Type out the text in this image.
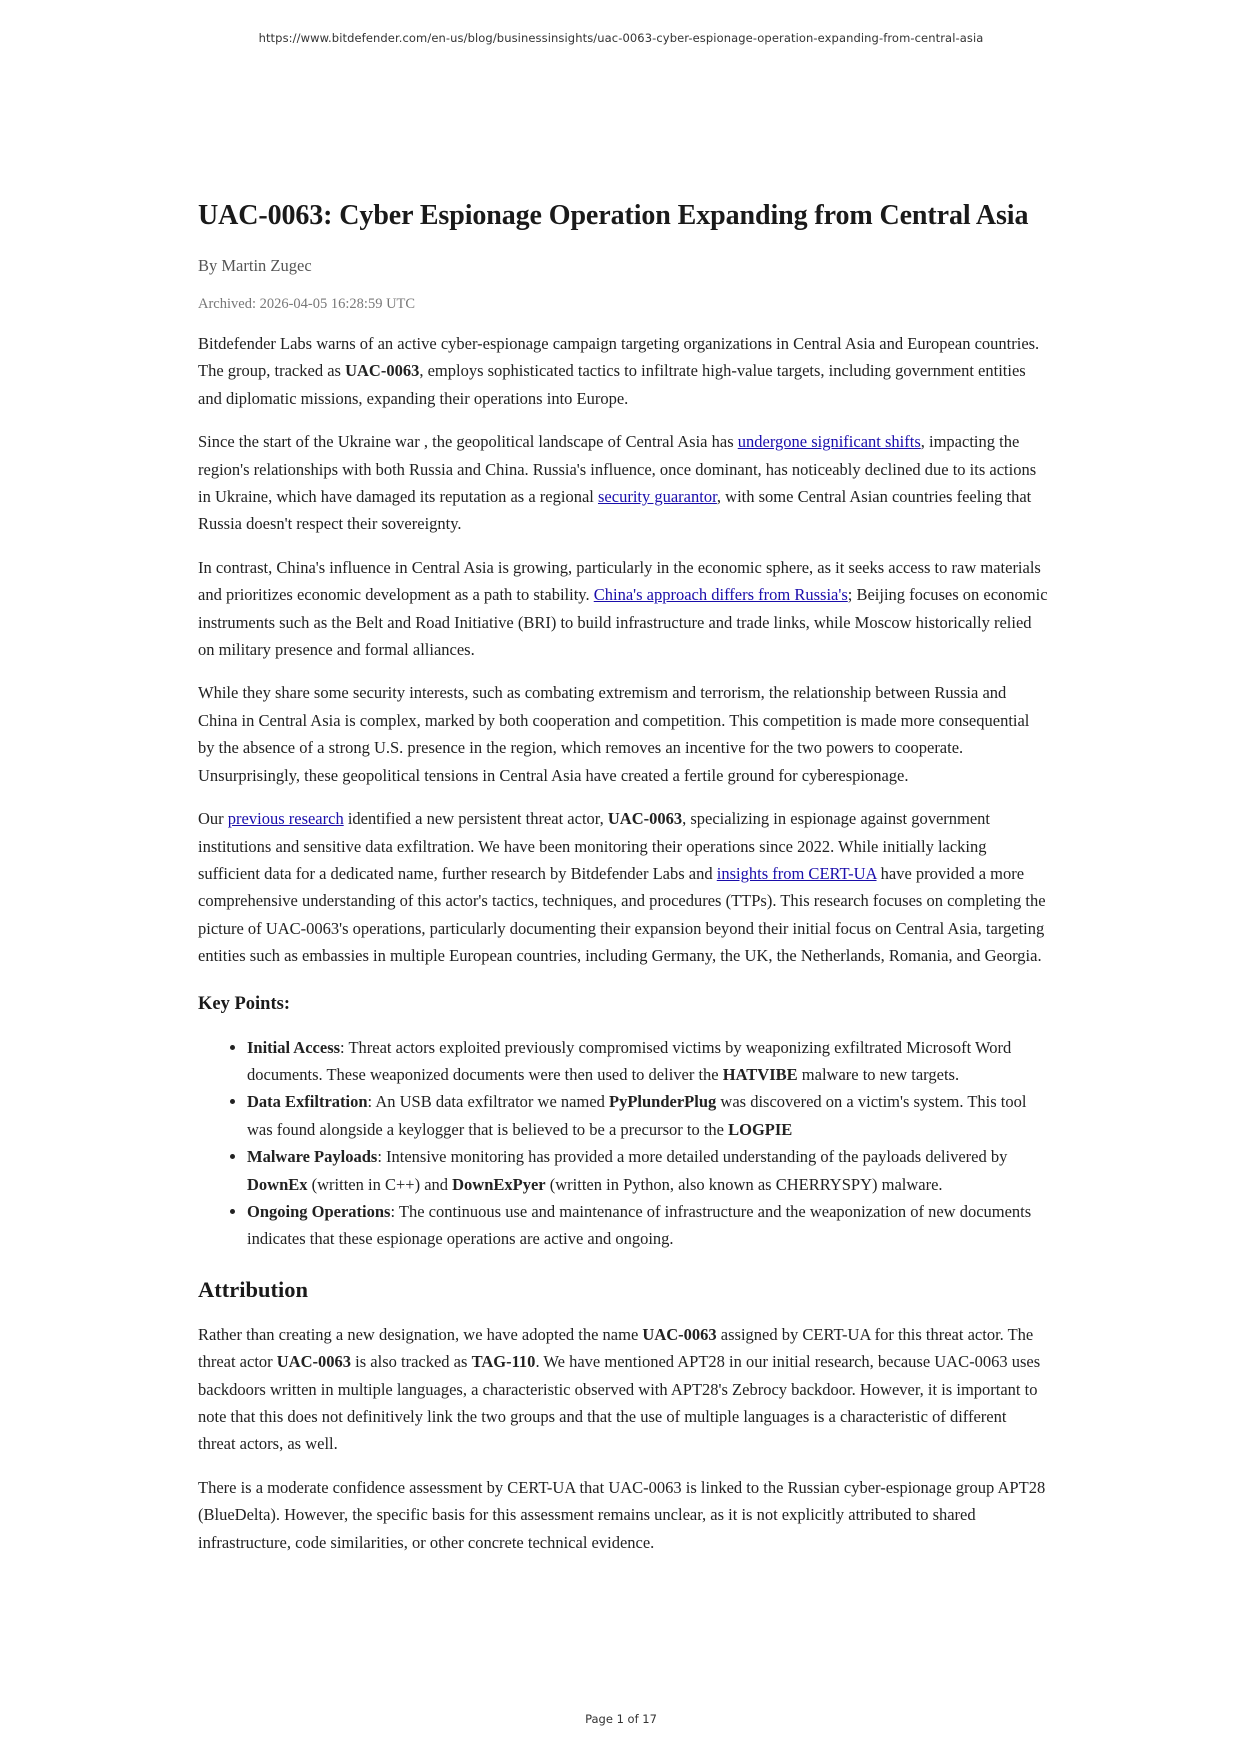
https://www.bitdefender.com/en-us/blog/businessinsights/uac-0063-cyber-espionage-operation-expanding-from-central-asia
UAC-0063: Cyber Espionage Operation Expanding from Central Asia
By Martin Zugec
Archived: 2026-04-05 16:28:59 UTC

Bitdefender Labs warns of an active cyber-espionage campaign targeting organizations in Central Asia and European countries. The group, tracked as UAC-0063, employs sophisticated tactics to infiltrate high-value targets, including government entities and diplomatic missions, expanding their operations into Europe.

Since the start of the Ukraine war , the geopolitical landscape of Central Asia has undergone significant shifts, impacting the region's relationships with both Russia and China. Russia's influence, once dominant, has noticeably declined due to its actions in Ukraine, which have damaged its reputation as a regional security guarantor, with some Central Asian countries feeling that Russia doesn't respect their sovereignty.

In contrast, China's influence in Central Asia is growing, particularly in the economic sphere, as it seeks access to raw materials and prioritizes economic development as a path to stability. China's approach differs from Russia's; Beijing focuses on economic instruments such as the Belt and Road Initiative (BRI) to build infrastructure and trade links, while Moscow historically relied on military presence and formal alliances.

While they share some security interests, such as combating extremism and terrorism, the relationship between Russia and China in Central Asia is complex, marked by both cooperation and competition. This competition is made more consequential by the absence of a strong U.S. presence in the region, which removes an incentive for the two powers to cooperate. Unsurprisingly, these geopolitical tensions in Central Asia have created a fertile ground for cyberespionage.

Our previous research identified a new persistent threat actor, UAC-0063, specializing in espionage against government institutions and sensitive data exfiltration. We have been monitoring their operations since 2022. While initially lacking sufficient data for a dedicated name, further research by Bitdefender Labs and insights from CERT-UA have provided a more comprehensive understanding of this actor's tactics, techniques, and procedures (TTPs). This research focuses on completing the picture of UAC-0063's operations, particularly documenting their expansion beyond their initial focus on Central Asia, targeting entities such as embassies in multiple European countries, including Germany, the UK, the Netherlands, Romania, and Georgia.

Key Points:
• Initial Access: Threat actors exploited previously compromised victims by weaponizing exfiltrated Microsoft Word documents. These weaponized documents were then used to deliver the HATVIBE malware to new targets.
• Data Exfiltration: An USB data exfiltrator we named PyPlunderPlug was discovered on a victim's system. This tool was found alongside a keylogger that is believed to be a precursor to the LOGPIE
• Malware Payloads: Intensive monitoring has provided a more detailed understanding of the payloads delivered by DownEx (written in C++) and DownExPyer (written in Python, also known as CHERRYSPY) malware.
• Ongoing Operations: The continuous use and maintenance of infrastructure and the weaponization of new documents indicates that these espionage operations are active and ongoing.
Attribution

Rather than creating a new designation, we have adopted the name UAC-0063 assigned by CERT-UA for this threat actor. The threat actor UAC-0063 is also tracked as TAG-110. We have mentioned APT28 in our initial research, because UAC-0063 uses backdoors written in multiple languages, a characteristic observed with APT28's Zebrocy backdoor. However, it is important to note that this does not definitively link the two groups and that the use of multiple languages is a characteristic of different threat actors, as well.

There is a moderate confidence assessment by CERT-UA that UAC-0063 is linked to the Russian cyber-espionage group APT28 (BlueDelta). However, the specific basis for this assessment remains unclear, as it is not explicitly attributed to shared infrastructure, code similarities, or other concrete technical evidence.

Page 1 of 17
